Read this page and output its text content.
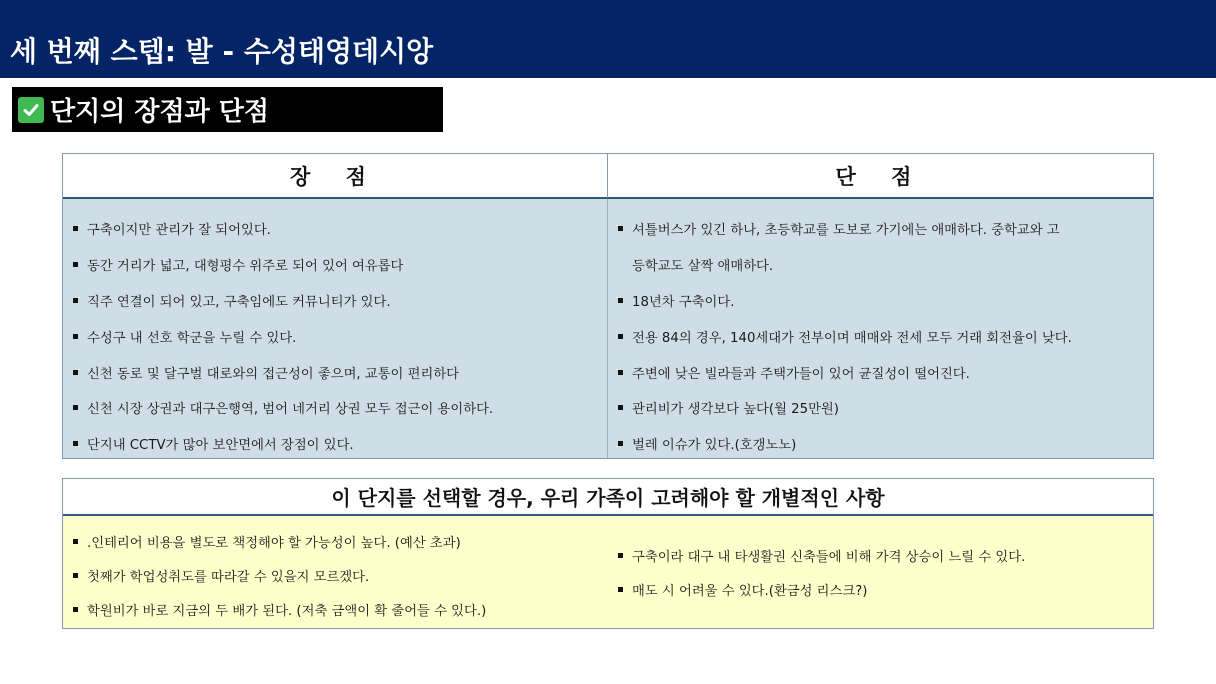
세 번째 스텝: 발 - 수성태영데시앙
단지의 장점과 단점
장 점	단 점
구축이지만 관리가 잘 되어있다.
동간 거리가 넓고, 대형평수 위주로 되어 있어 여유롭다
직주 연결이 되어 있고, 구축임에도 커뮤니티가 있다.
수성구 내 선호 학군을 누릴 수 있다.
신천 동로 및 달구벌 대로와의 접근성이 좋으며, 교통이 편리하다
신천 시장 상권과 대구은행역, 범어 네거리 상권 모두 접근이 용이하다.
단지내 CCTV가 많아 보안면에서 장점이 있다.
셔틀버스가 있긴 하나, 초등학교를 도보로 가기에는 애매하다. 중학교와 고
등학교도 살짝 애매하다.
18년차 구축이다.
전용 84의 경우, 140세대가 전부이며 매매와 전세 모두 거래 회전율이 낮다.
주변에 낮은 빌라들과 주택가들이 있어 균질성이 떨어진다.
관리비가 생각보다 높다(월 25만원)
벌레 이슈가 있다.(호갱노노)
이 단지를 선택할 경우, 우리 가족이 고려해야 할 개별적인 사항
.인테리어 비용을 별도로 책정해야 할 가능성이 높다. (예산 초과)
첫째가 학업성취도를 따라갈 수 있을지 모르겠다.
학원비가 바로 지금의 두 배가 된다. (저축 금액이 확 줄어들 수 있다.)
구축이라 대구 내 타생활권 신축들에 비해 가격 상승이 느릴 수 있다.
매도 시 어려울 수 있다.(환금성 리스크?)
